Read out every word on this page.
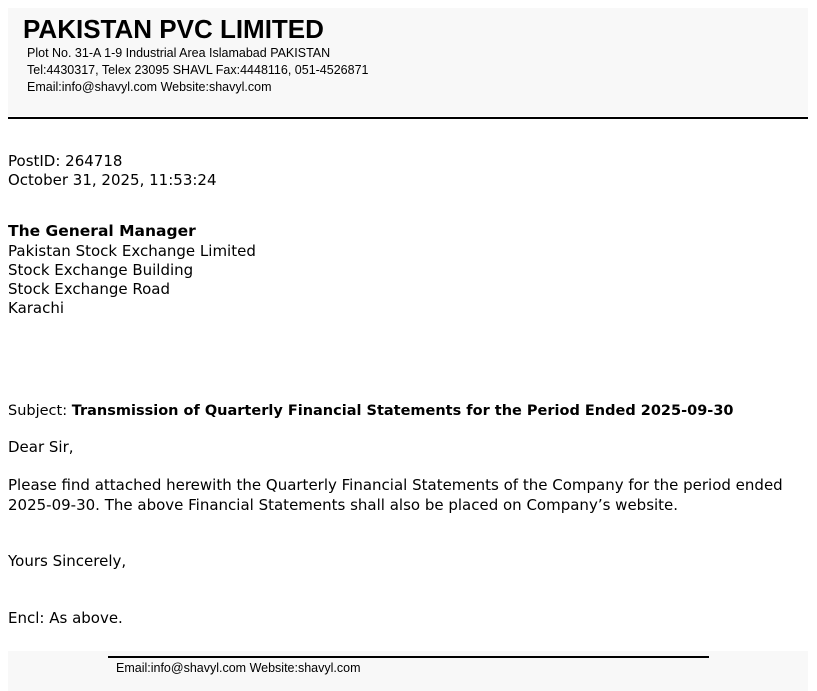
PAKISTAN PVC LIMITED
Plot No. 31-A 1-9 Industrial Area Islamabad PAKISTAN
Tel:4430317, Telex 23095 SHAVL Fax:4448116, 051-4526871
Email:info@shavyl.com Website:shavyl.com
PostID: 264718
October 31, 2025, 11:53:24
The General Manager
Pakistan Stock Exchange Limited
Stock Exchange Building
Stock Exchange Road
Karachi
Subject: Transmission of Quarterly Financial Statements for the Period Ended 2025-09-30
Dear Sir,
Please find attached herewith the Quarterly Financial Statements of the Company for the period ended 2025-09-30. The above Financial Statements shall also be placed on Company’s website.
Yours Sincerely,
Encl: As above.
Email:info@shavyl.com Website:shavyl.com
